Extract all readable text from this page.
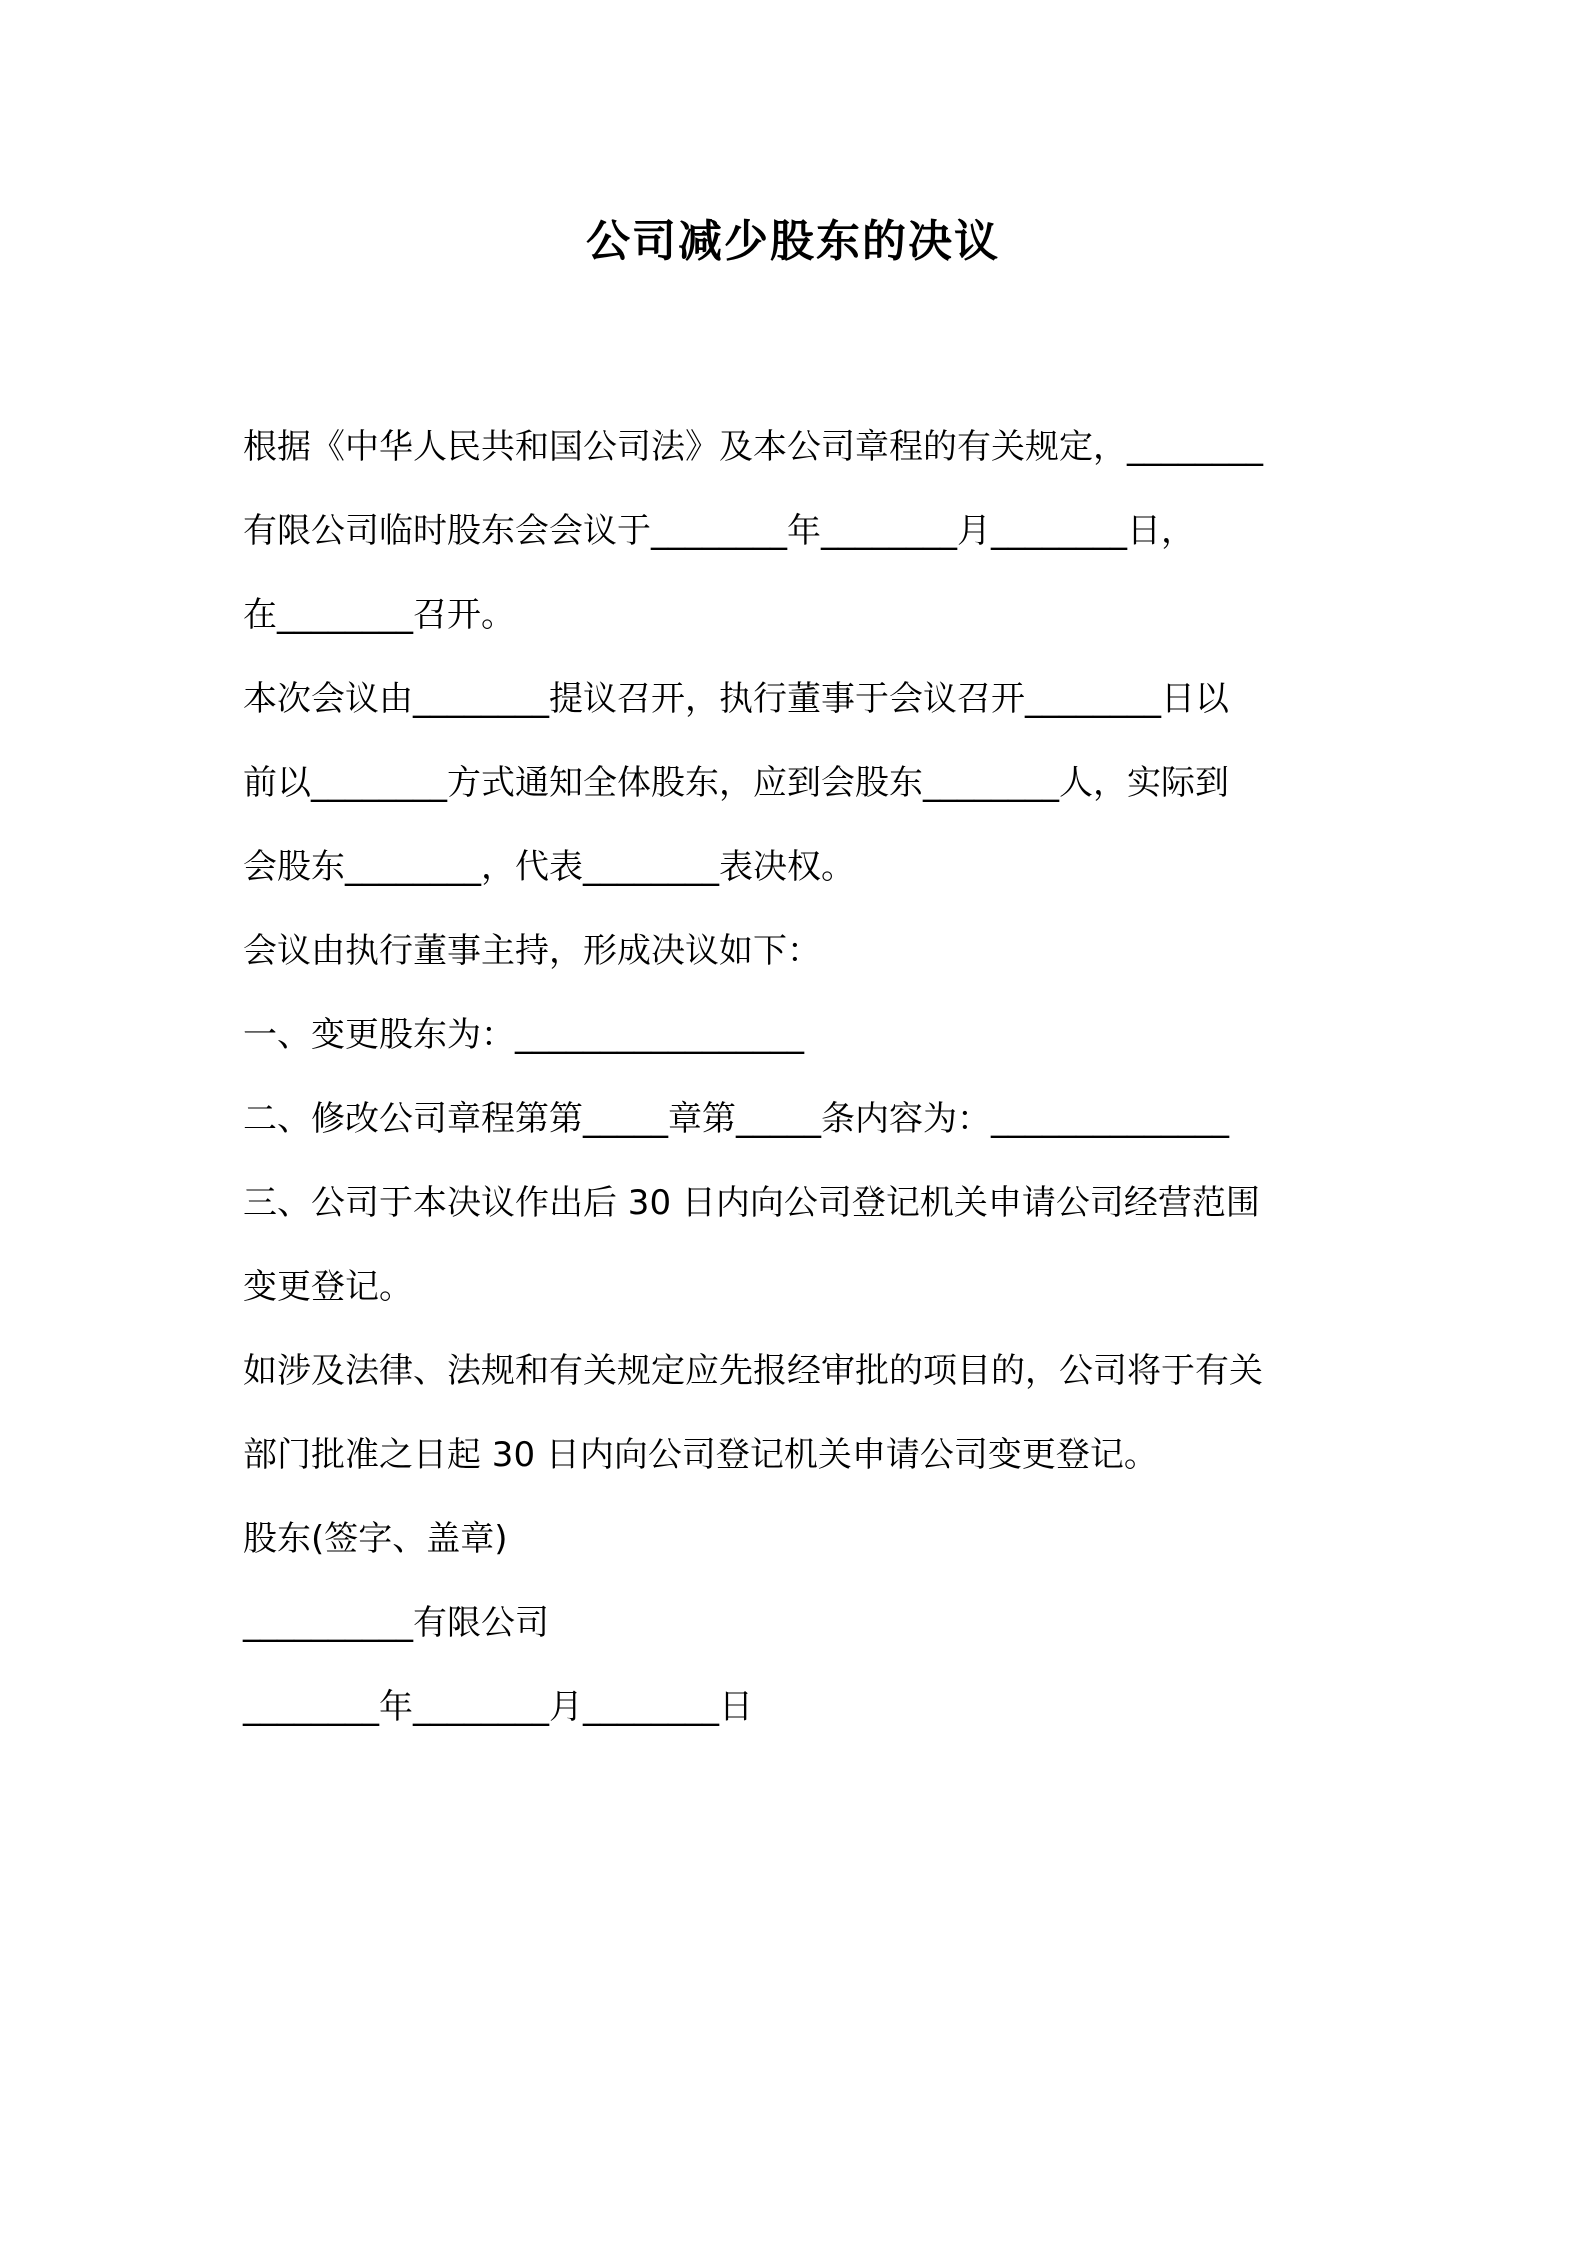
公司减少股东的决议

根据《中华人民共和国公司法》及本公司章程的有关规定，________
有限公司临时股东会会议于________年________月________日，
在________召开。

本次会议由________提议召开，执行董事于会议召开________日以
前以________方式通知全体股东，应到会股东________人，实际到
会股东________，代表________表决权。

会议由执行董事主持，形成决议如下：

一、变更股东为：_________________

二、修改公司章程第第_____章第_____条内容为：______________

三、公司于本决议作出后 30 日内向公司登记机关申请公司经营范围
变更登记。

如涉及法律、法规和有关规定应先报经审批的项目的，公司将于有关
部门批准之日起 30 日内向公司登记机关申请公司变更登记。

股东(签字、盖章)

__________有限公司

________年________月________日
